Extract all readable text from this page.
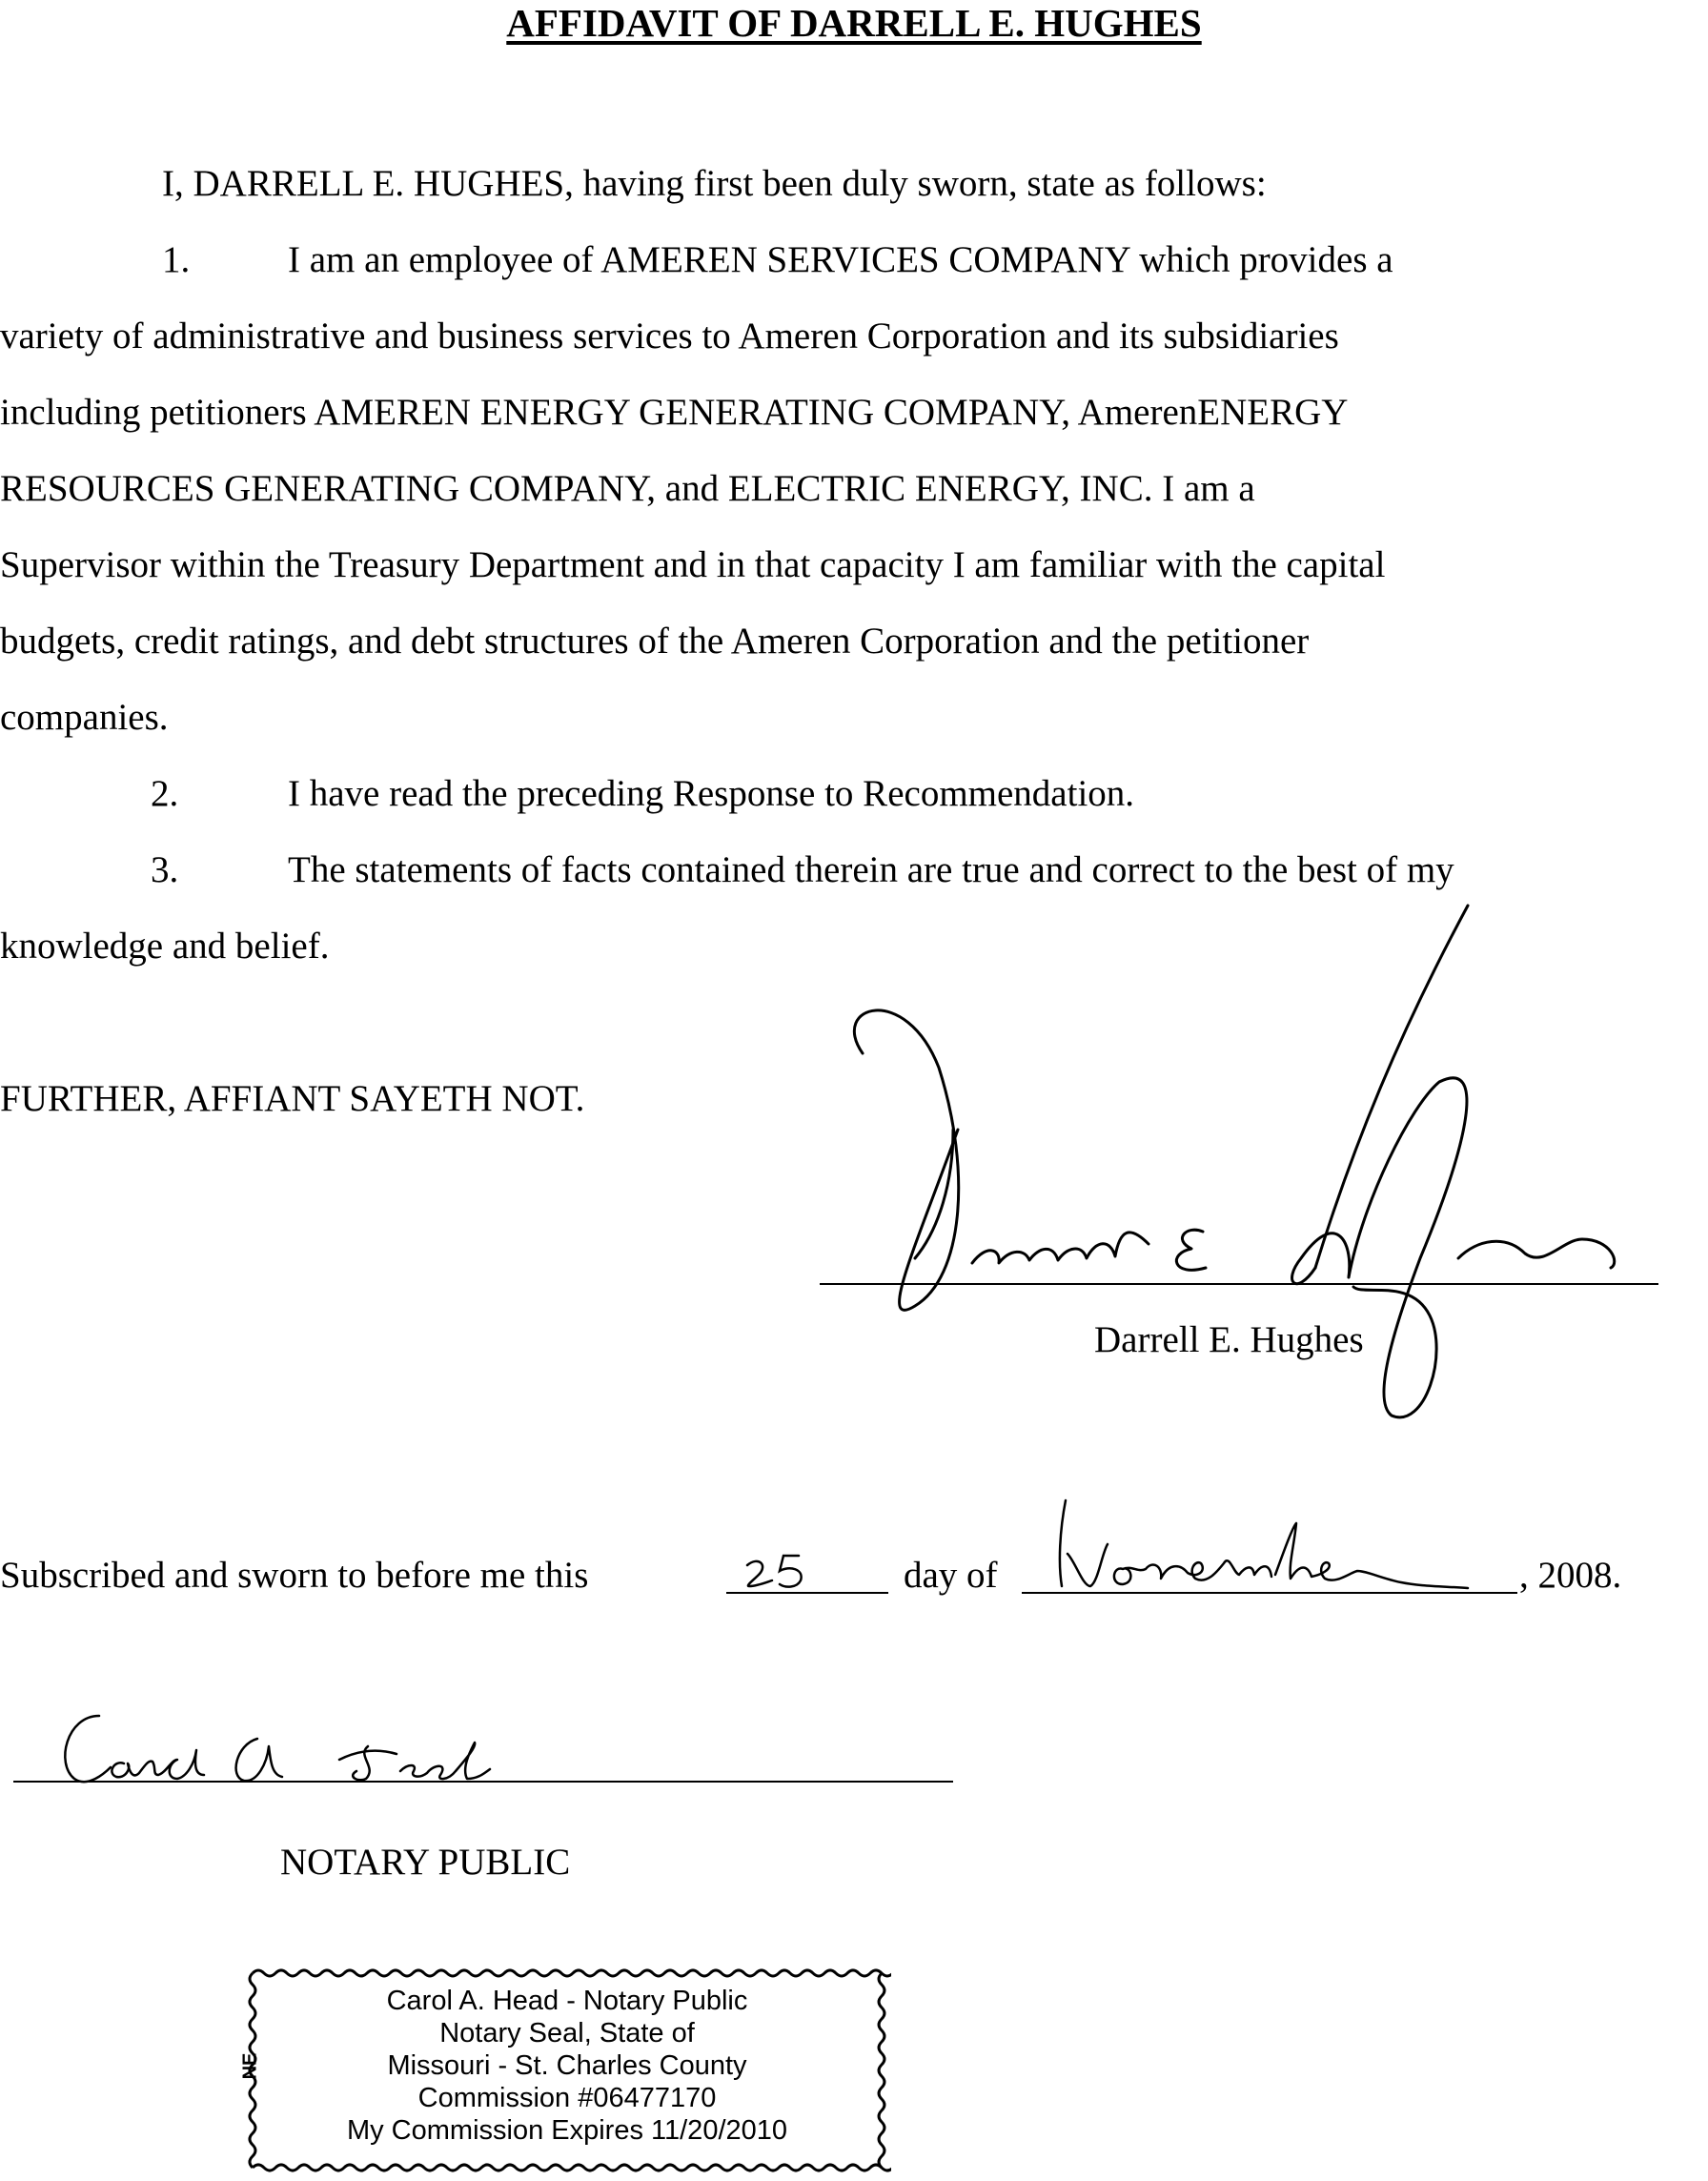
AFFIDAVIT OF DARRELL E. HUGHES
I, DARRELL E. HUGHES, having first been duly sworn, state as follows:
1.	I am an employee of AMEREN SERVICES COMPANY which provides a
variety of administrative and business services to Ameren Corporation and its subsidiaries
including petitioners AMEREN ENERGY GENERATING COMPANY, AmerenENERGY
RESOURCES GENERATING COMPANY, and ELECTRIC ENERGY, INC. I am a
Supervisor within the Treasury Department and in that capacity I am familiar with the capital
budgets, credit ratings, and debt structures of the Ameren Corporation and the petitioner
companies.
2.	I have read the preceding Response to Recommendation.
3.	The statements of facts contained therein are true and correct to the best of my
knowledge and belief.
FURTHER, AFFIANT SAYETH NOT.
Darrell E. Hughes
Subscribed and sworn to before me this	day of	, 2008.
NOTARY PUBLIC
NE
Carol A. Head - Notary Public
Notary Seal, State of
Missouri - St. Charles County
Commission #06477170
My Commission Expires 11/20/2010
